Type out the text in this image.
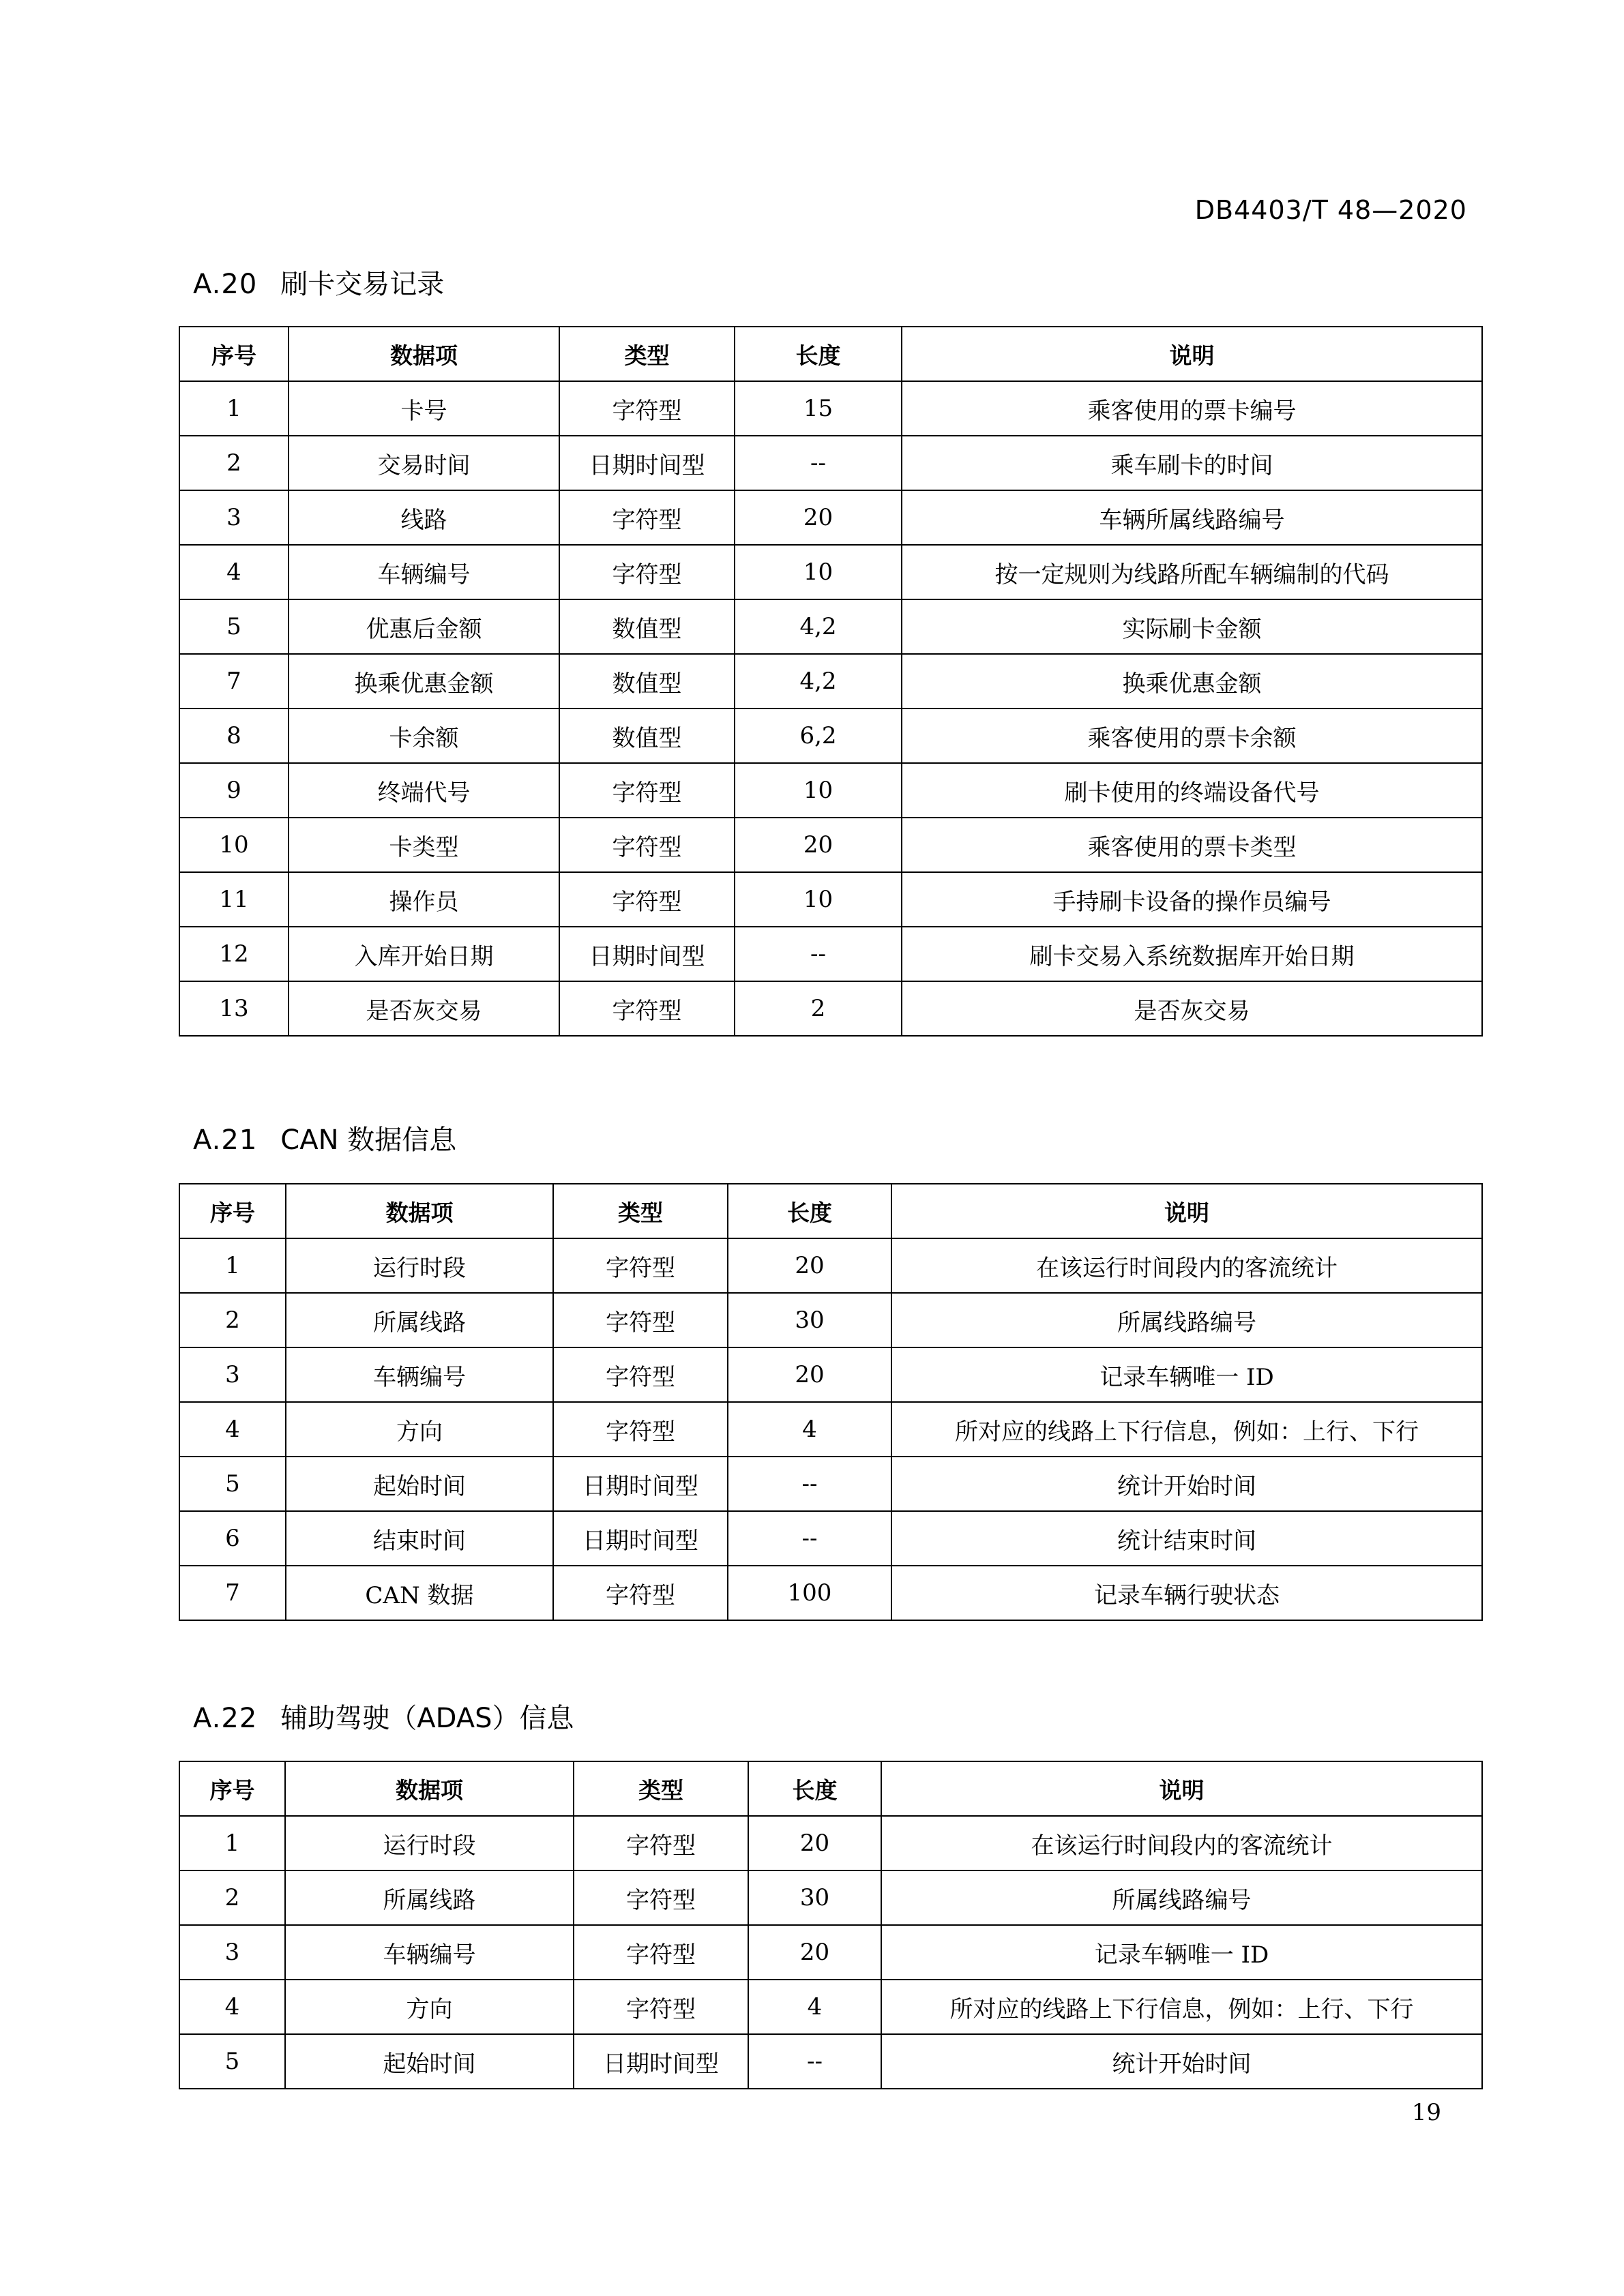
DB4403/T 48—2020
A.20 刷卡交易记录
序号	数据项	类型	长度	说明
1	卡号	字符型	15	乘客使用的票卡编号
2	交易时间	日期时间型	--	乘车刷卡的时间
3	线路	字符型	20	车辆所属线路编号
4	车辆编号	字符型	10	按一定规则为线路所配车辆编制的代码
5	优惠后金额	数值型	4,2	实际刷卡金额
7	换乘优惠金额	数值型	4,2	换乘优惠金额
8	卡余额	数值型	6,2	乘客使用的票卡余额
9	终端代号	字符型	10	刷卡使用的终端设备代号
10	卡类型	字符型	20	乘客使用的票卡类型
11	操作员	字符型	10	手持刷卡设备的操作员编号
12	入库开始日期	日期时间型	--	刷卡交易入系统数据库开始日期
13	是否灰交易	字符型	2	是否灰交易
A.21 CAN 数据信息
序号	数据项	类型	长度	说明
1	运行时段	字符型	20	在该运行时间段内的客流统计
2	所属线路	字符型	30	所属线路编号
3	车辆编号	字符型	20	记录车辆唯一 ID
4	方向	字符型	4	所对应的线路上下行信息，例如：上行、下行
5	起始时间	日期时间型	--	统计开始时间
6	结束时间	日期时间型	--	统计结束时间
7	CAN 数据	字符型	100	记录车辆行驶状态
A.22 辅助驾驶（ADAS）信息
序号	数据项	类型	长度	说明
1	运行时段	字符型	20	在该运行时间段内的客流统计
2	所属线路	字符型	30	所属线路编号
3	车辆编号	字符型	20	记录车辆唯一 ID
4	方向	字符型	4	所对应的线路上下行信息，例如：上行、下行
5	起始时间	日期时间型	--	统计开始时间
19
